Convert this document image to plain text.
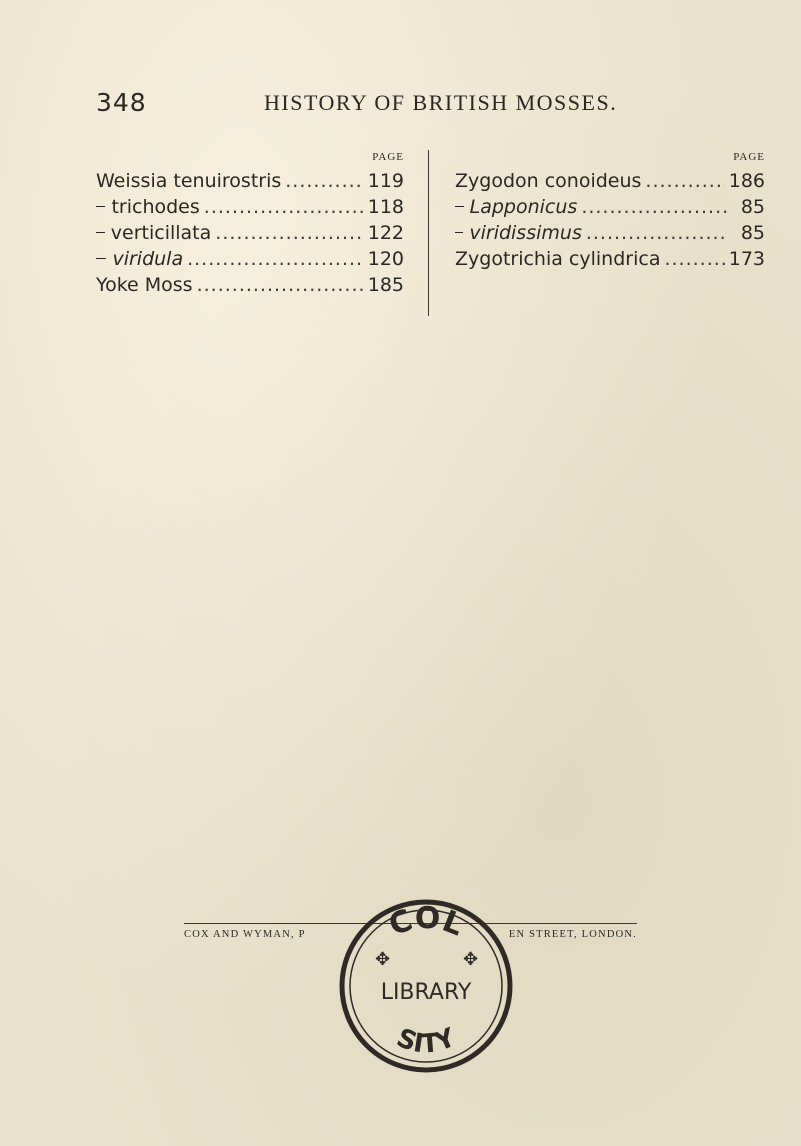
348	HISTORY OF BRITISH MOSSES.
PAGE
Weissia tenuirostris .....	119
trichodes .....	118
verticillata .....	122
viridula .....	120
Yoke Moss .....	185
PAGE
Zygodon conoideus .....	186
Lapponicus .....	85
viridissimus .....	85
Zygotrichia cylindrica .....	173
COX AND WYMAN, P	EN STREET, LONDON.
COL
LIBRARY
SITY
✥	✥
